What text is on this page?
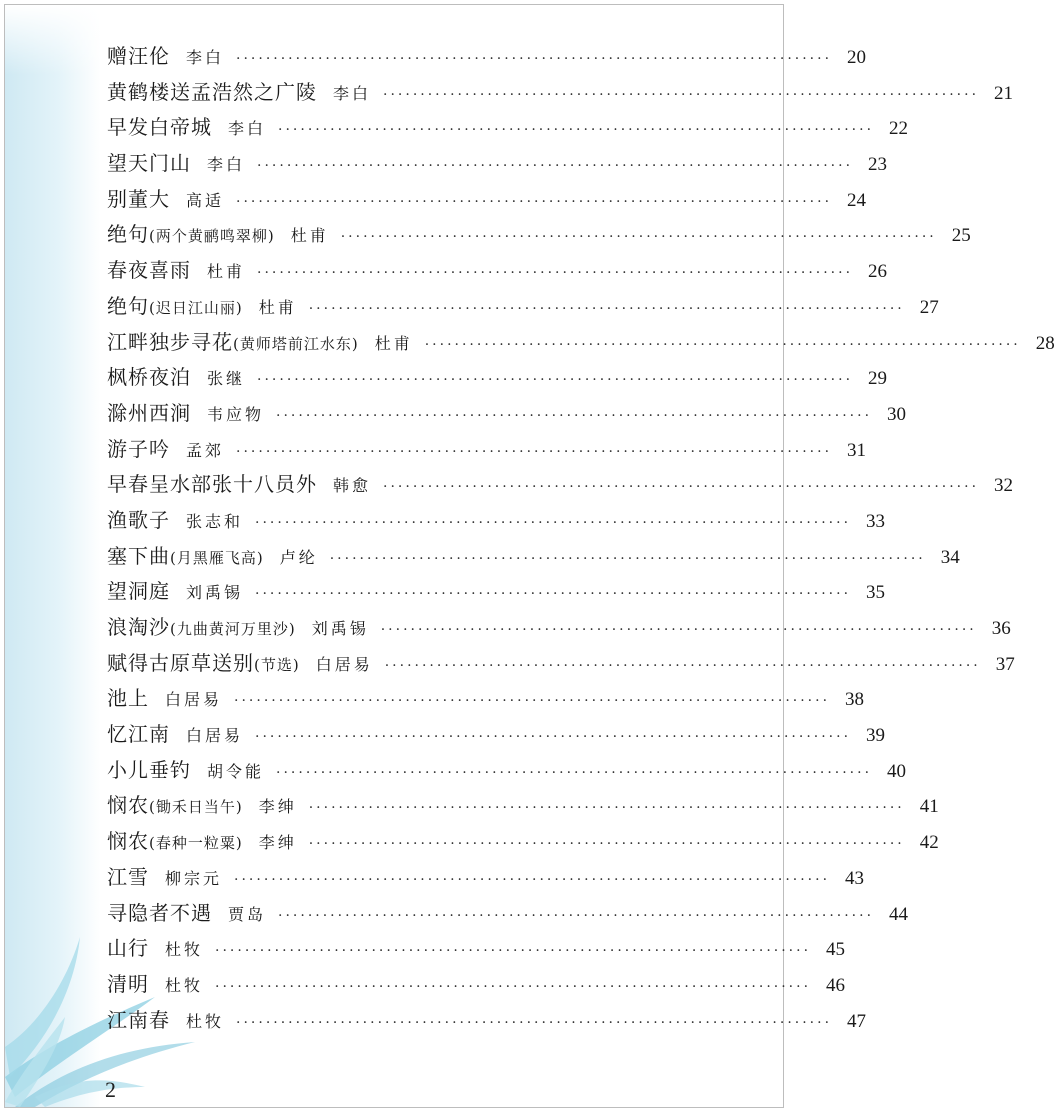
赠汪伦 李白 ················································································ 20
黄鹤楼送孟浩然之广陵 李白 ················································································ 21
早发白帝城 李白 ················································································ 22
望天门山 李白 ················································································ 23
别董大 高适 ················································································ 24
绝句 (两个黄鹂鸣翠柳) 杜甫 ················································································ 25
春夜喜雨 杜甫 ················································································ 26
绝句 (迟日江山丽) 杜甫 ················································································ 27
江畔独步寻花 (黄师塔前江水东) 杜甫 ················································································ 28
枫桥夜泊 张继 ················································································ 29
滁州西涧 韦应物 ················································································ 30
游子吟 孟郊 ················································································ 31
早春呈水部张十八员外 韩愈 ················································································ 32
渔歌子 张志和 ················································································ 33
塞下曲 (月黑雁飞高) 卢纶 ················································································ 34
望洞庭 刘禹锡 ················································································ 35
浪淘沙 (九曲黄河万里沙) 刘禹锡 ················································································ 36
赋得古原草送别 (节选) 白居易 ················································································ 37
池上 白居易 ················································································ 38
忆江南 白居易 ················································································ 39
小儿垂钓 胡令能 ················································································ 40
悯农 (锄禾日当午) 李绅 ················································································ 41
悯农 (春种一粒粟) 李绅 ················································································ 42
江雪 柳宗元 ················································································ 43
寻隐者不遇 贾岛 ················································································ 44
山行 杜牧 ················································································ 45
清明 杜牧 ················································································ 46
江南春 杜牧 ················································································ 47
2
